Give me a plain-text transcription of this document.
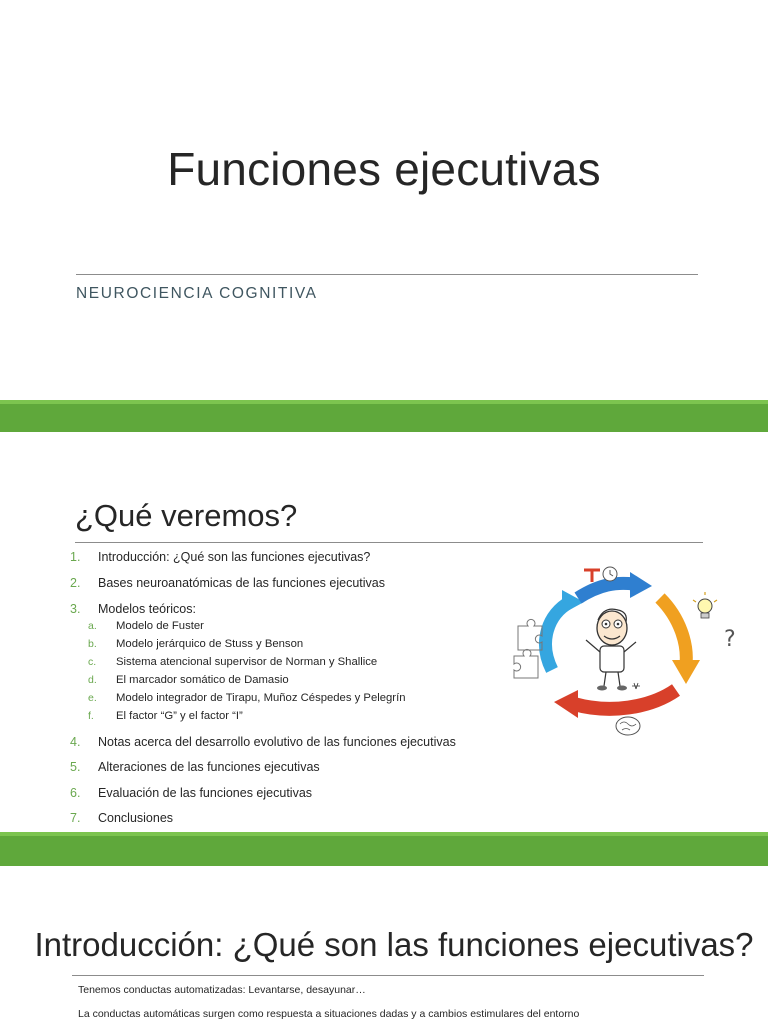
Funciones ejecutivas
NEUROCIENCIA COGNITIVA
¿Qué veremos?
1. Introducción: ¿Qué son las funciones ejecutivas?
2. Bases neuroanatómicas de las funciones ejecutivas
3. Modelos teóricos:
a. Modelo de Fuster
b. Modelo jerárquico de Stuss y Benson
c. Sistema atencional supervisor de Norman y Shallice
d. El marcador somático de Damasio
e. Modelo integrador de Tirapu, Muñoz Céspedes y Pelegrín
f. El factor “G” y el factor “I”
4. Notas acerca del desarrollo evolutivo de las funciones ejecutivas
5. Alteraciones de las funciones ejecutivas
6. Evaluación de las funciones ejecutivas
7. Conclusiones
?
Introducción: ¿Qué son las funciones ejecutivas?
Tenemos conductas automatizadas: Levantarse, desayunar…
La conductas automáticas surgen como respuesta a situaciones dadas y a cambios estimulares del entorno
